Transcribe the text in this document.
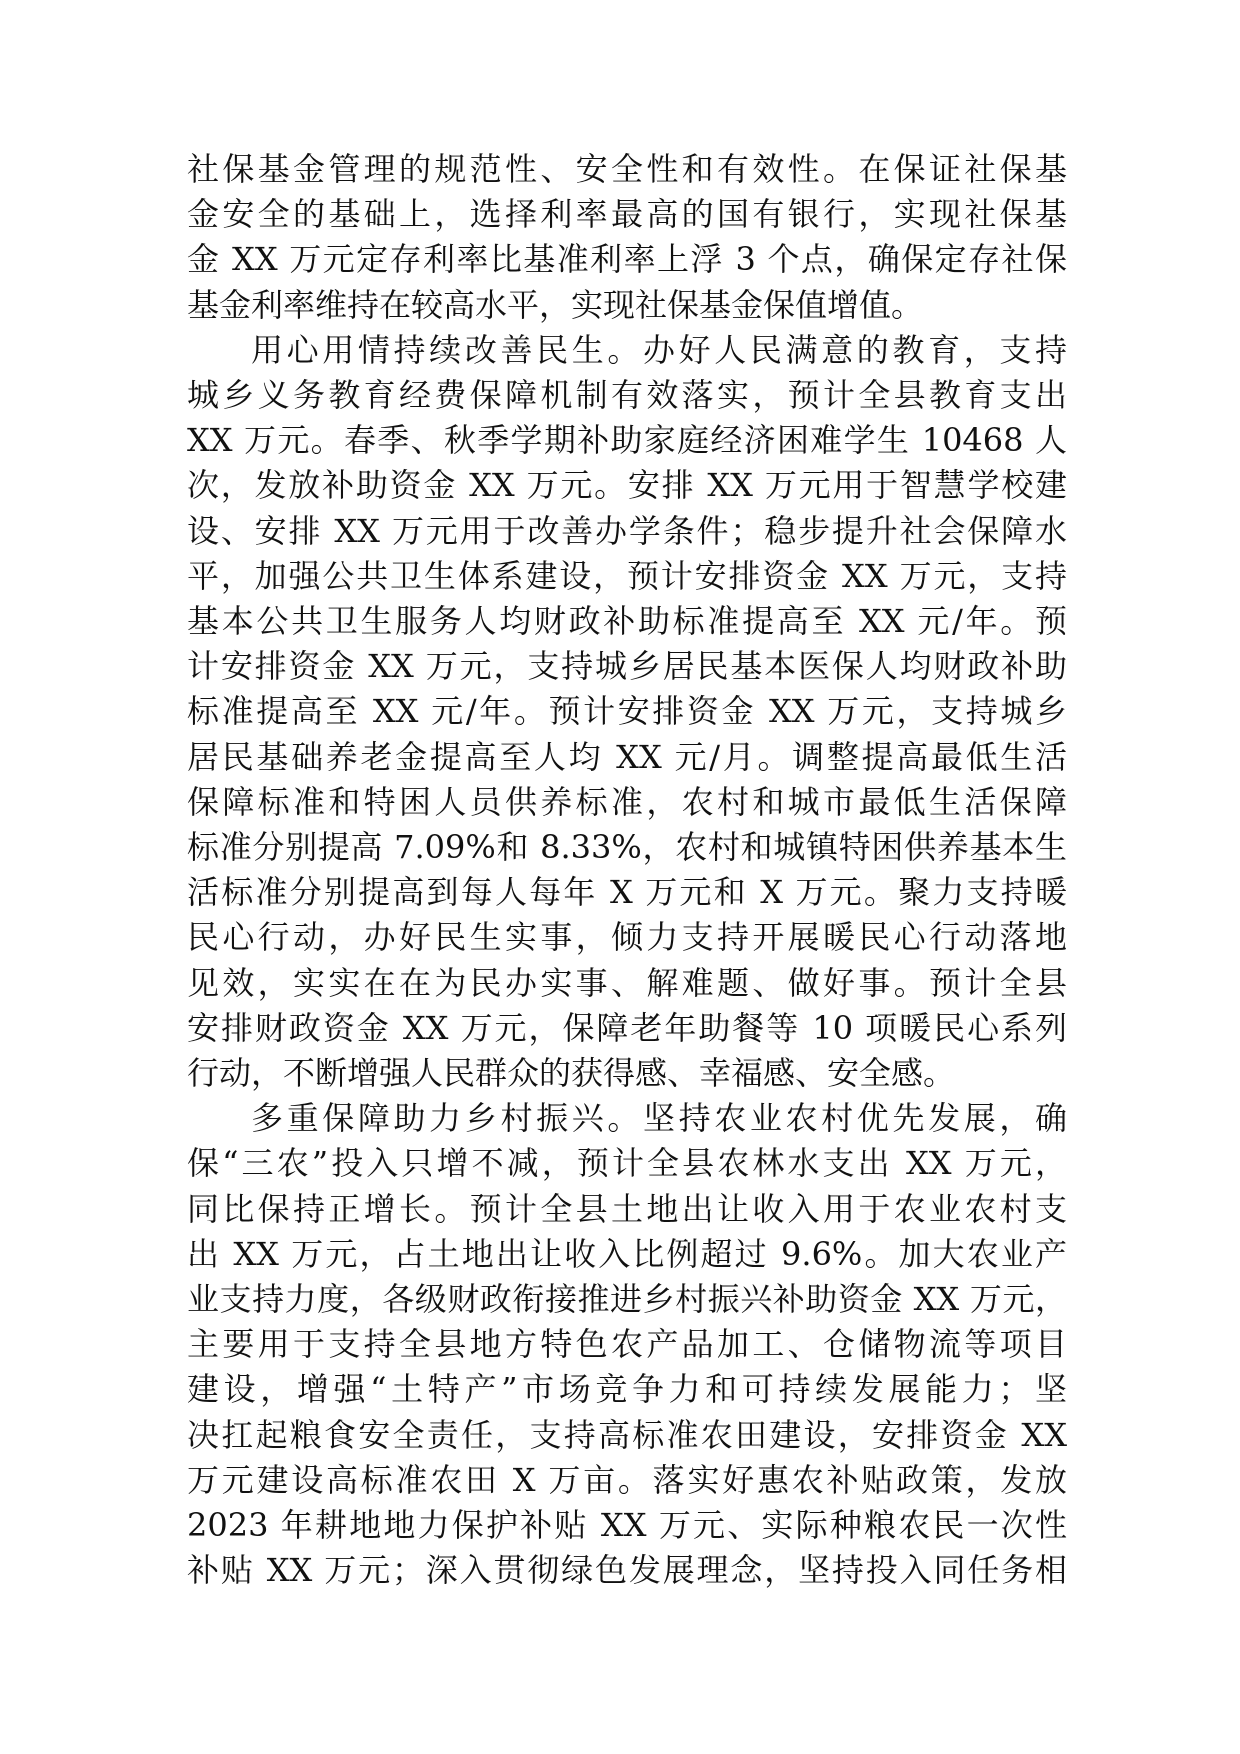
社保基金管理的规范性、安全性和有效性。在保证社保基
金安全的基础上，选择利率最高的国有银行，实现社保基
金 XX 万元定存利率比基准利率上浮 3 个点，确保定存社保
基金利率维持在较高水平，实现社保基金保值增值。
用心用情持续改善民生。办好人民满意的教育，支持
城乡义务教育经费保障机制有效落实，预计全县教育支出
XX 万元。春季、秋季学期补助家庭经济困难学生 10468 人
次，发放补助资金 XX 万元。安排 XX 万元用于智慧学校建
设、安排 XX 万元用于改善办学条件；稳步提升社会保障水
平，加强公共卫生体系建设，预计安排资金 XX 万元，支持
基本公共卫生服务人均财政补助标准提高至 XX 元/年。预
计安排资金 XX 万元，支持城乡居民基本医保人均财政补助
标准提高至 XX 元/年。预计安排资金 XX 万元，支持城乡
居民基础养老金提高至人均 XX 元/月。调整提高最低生活
保障标准和特困人员供养标准，农村和城市最低生活保障
标准分别提高 7.09%和 8.33%，农村和城镇特困供养基本生
活标准分别提高到每人每年 X 万元和 X 万元。聚力支持暖
民心行动，办好民生实事，倾力支持开展暖民心行动落地
见效，实实在在为民办实事、解难题、做好事。预计全县
安排财政资金 XX 万元，保障老年助餐等 10 项暖民心系列
行动，不断增强人民群众的获得感、幸福感、安全感。
多重保障助力乡村振兴。坚持农业农村优先发展，确
保“三农”投入只增不减，预计全县农林水支出 XX 万元，
同比保持正增长。预计全县土地出让收入用于农业农村支
出 XX 万元，占土地出让收入比例超过 9.6%。加大农业产
业支持力度，各级财政衔接推进乡村振兴补助资金 XX 万元，
主要用于支持全县地方特色农产品加工、仓储物流等项目
建设，增强“土特产”市场竞争力和可持续发展能力；坚
决扛起粮食安全责任，支持高标准农田建设，安排资金 XX
万元建设高标准农田 X 万亩。落实好惠农补贴政策，发放
2023 年耕地地力保护补贴 XX 万元、实际种粮农民一次性
补贴 XX 万元；深入贯彻绿色发展理念，坚持投入同任务相
